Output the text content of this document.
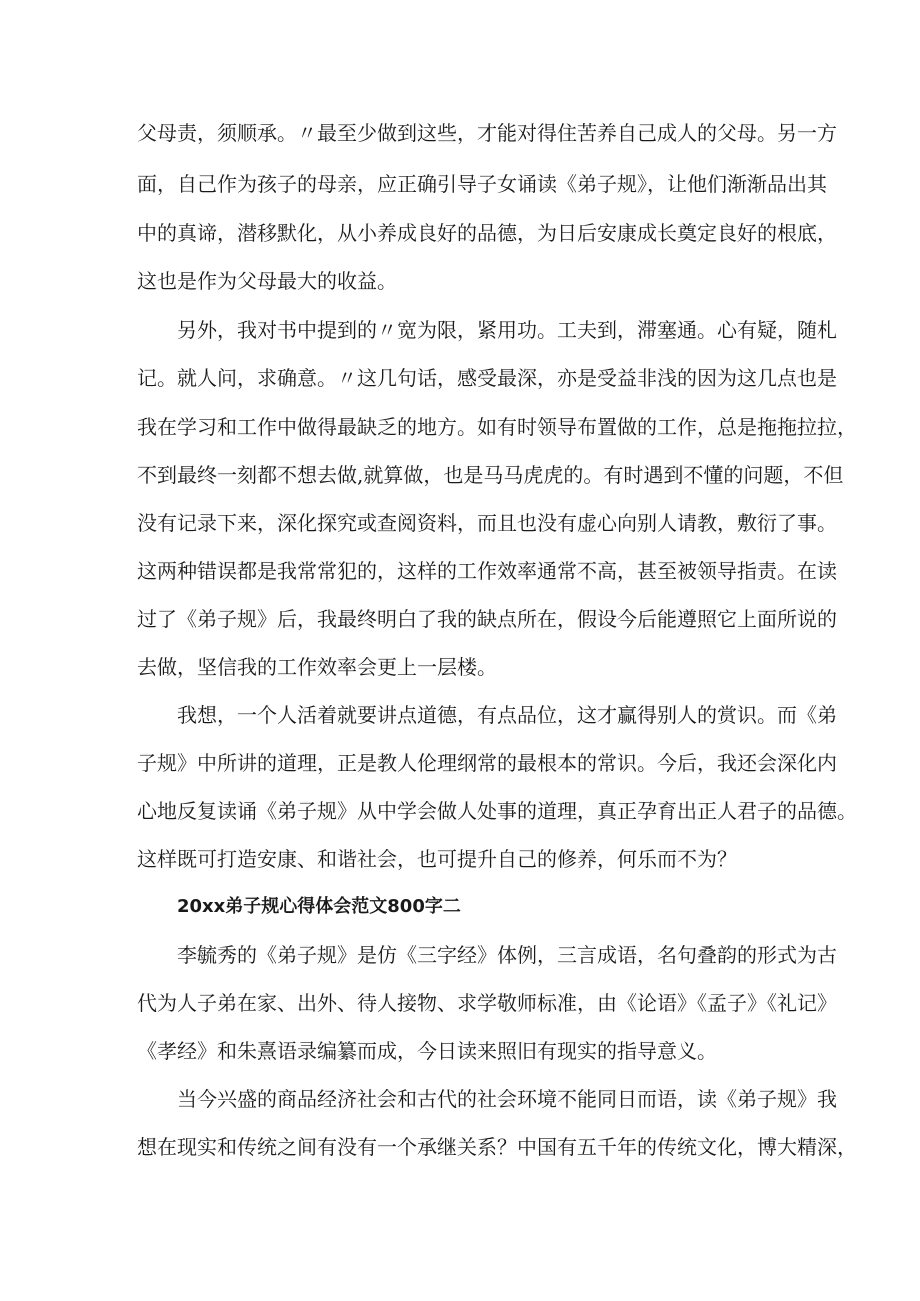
父母责，须顺承。〃最至少做到这些，才能对得住苦养自己成人的父母。另一方
面，自己作为孩子的母亲，应正确引导子女诵读《弟子规》，让他们渐渐品出其
中的真谛，潜移默化，从小养成良好的品德，为日后安康成长奠定良好的根底，
这也是作为父母最大的收益。
另外，我对书中提到的〃宽为限，紧用功。工夫到，滞塞通。心有疑，随札
记。就人问，求确意。〃这几句话，感受最深，亦是受益非浅的因为这几点也是
我在学习和工作中做得最缺乏的地方。如有时领导布置做的工作，总是拖拖拉拉，
不到最终一刻都不想去做,就算做，也是马马虎虎的。有时遇到不懂的问题，不但
没有记录下来，深化探究或查阅资料，而且也没有虚心向别人请教，敷衍了事。
这两种错误都是我常常犯的，这样的工作效率通常不高，甚至被领导指责。在读
过了《弟子规》后，我最终明白了我的缺点所在，假设今后能遵照它上面所说的
去做，坚信我的工作效率会更上一层楼。
我想，一个人活着就要讲点道德，有点品位，这才赢得别人的赏识。而《弟
子规》中所讲的道理，正是教人伦理纲常的最根本的常识。今后，我还会深化内
心地反复读诵《弟子规》从中学会做人处事的道理，真正孕育出正人君子的品德。
这样既可打造安康、和谐社会，也可提升自己的修养，何乐而不为？
20xx弟子规心得体会范文800字二
李毓秀的《弟子规》是仿《三字经》体例，三言成语，名句叠韵的形式为古
代为人子弟在家、出外、待人接物、求学敬师标准，由《论语》《孟子》《礼记》
《孝经》和朱熹语录编纂而成，今日读来照旧有现实的指导意义。
当今兴盛的商品经济社会和古代的社会环境不能同日而语，读《弟子规》我
想在现实和传统之间有没有一个承继关系？中国有五千年的传统文化，博大精深，
